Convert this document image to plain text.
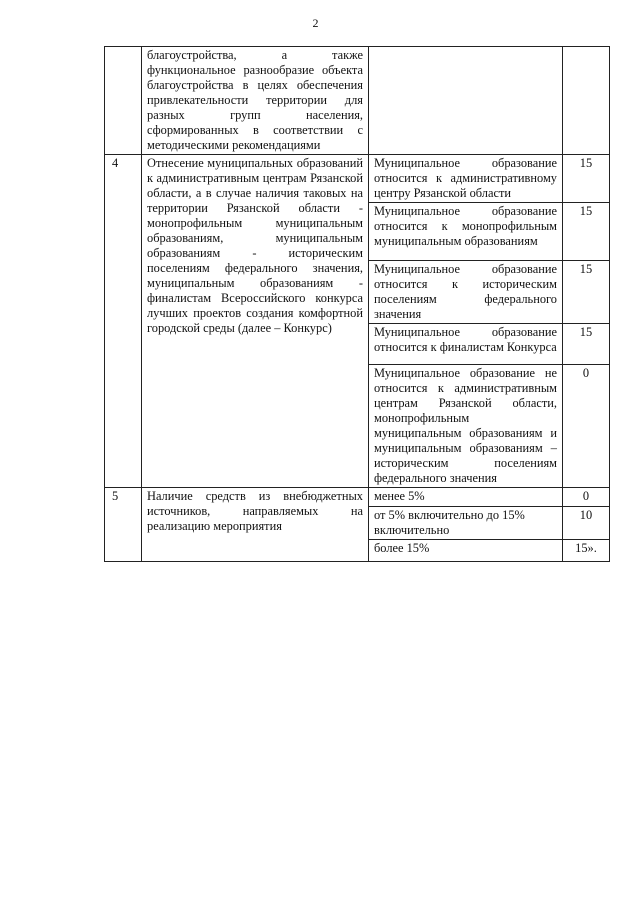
2
	благоустройства, а также функциональное разнообразие объекта благоустройства в целях обеспечения привлекательности территории для разных групп населения, сформированных в соответствии с методическими рекомендациями		
4	Отнесение муниципальных образований к административным центрам Рязанской области, а в случае наличия таковых на территории Рязанской области - монопрофильным муниципальным образованиям, муниципальным образованиям - историческим поселениям федерального значения, муниципальным образованиям - финалистам Всероссийского конкурса лучших проектов создания комфортной городской среды (далее – Конкурс)	Муниципальное образование относится к административному центру Рязанской области	15
		Муниципальное образование относится к монопрофильным муниципальным образованиям	15
		Муниципальное образование относится к историческим поселениям федерального значения	15
		Муниципальное образование относится к финалистам Конкурса	15
		Муниципальное образование не относится к административным центрам Рязанской области, монопрофильным муниципальным образованиям и муниципальным образованиям – историческим поселениям федерального значения	0
5	Наличие средств из внебюджетных источников, направляемых на реализацию мероприятия	менее 5%	0
		от 5% включительно до 15% включительно	10
		более 15%	15».
